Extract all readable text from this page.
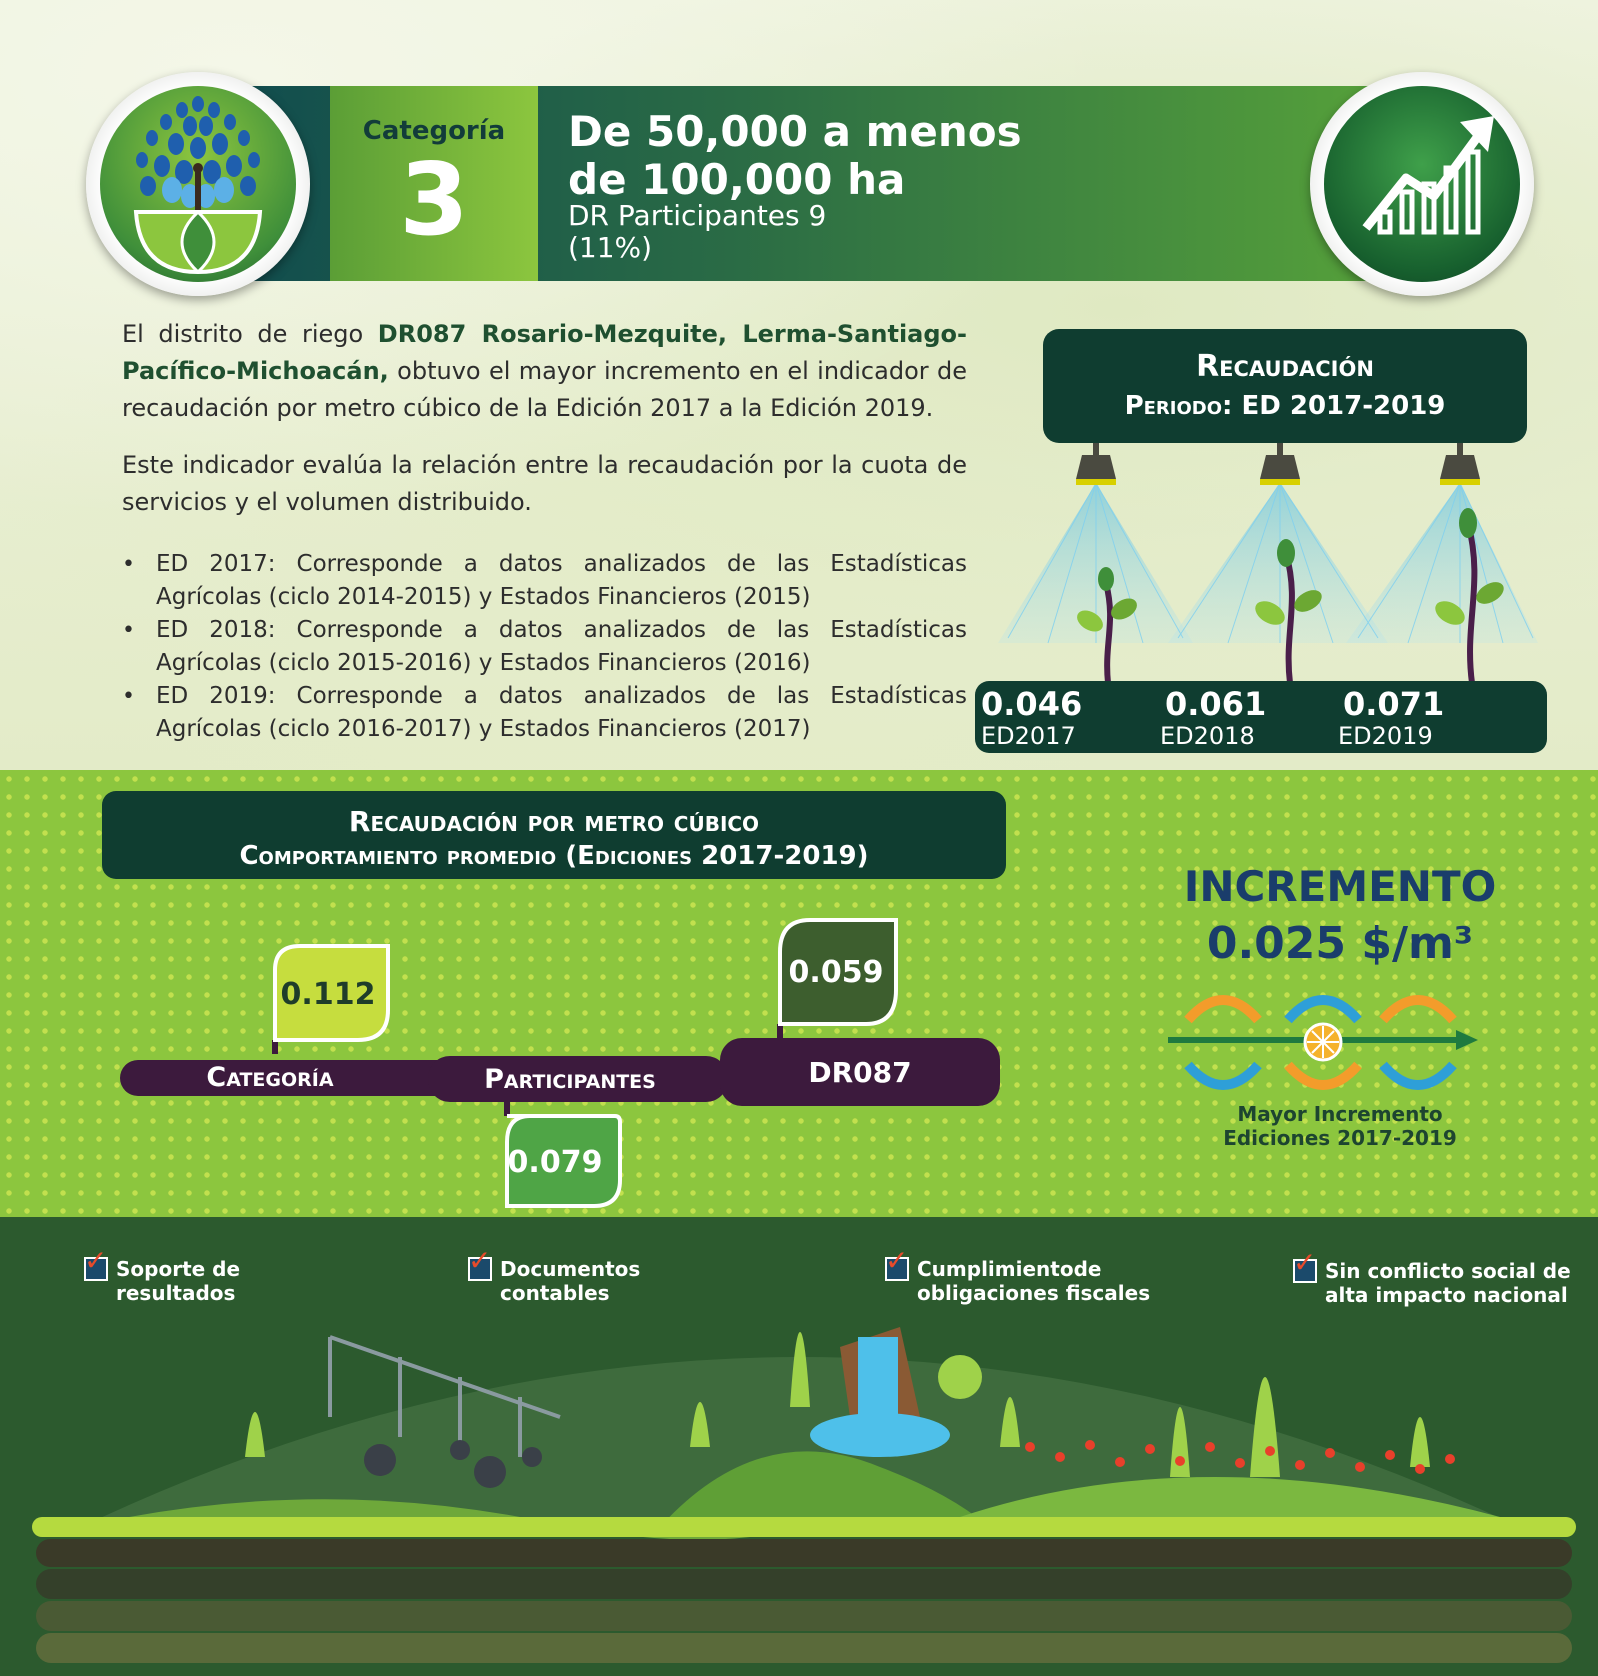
Categoría
3
De 50,000 a menos
de 100,000 ha
DR Participantes 9
(11%)

El distrito de riego DR087 Rosario-Mezquite, Lerma-Santiago-Pacífico-Michoacán, obtuvo el mayor incremento en el indicador de recaudación por metro cúbico de la Edición 2017 a la Edición 2019.

Este indicador evalúa la relación entre la recaudación por la cuota de servicios y el volumen distribuido.

• ED 2017: Corresponde a datos analizados de las Estadísticas Agrícolas (ciclo 2014-2015) y Estados Financieros (2015)
• ED 2018: Corresponde a datos analizados de las Estadísticas Agrícolas (ciclo 2015-2016) y Estados Financieros (2016)
• ED 2019: Corresponde a datos analizados de las Estadísticas Agrícolas (ciclo 2016-2017) y Estados Financieros (2017)
Recaudación
Periodo: ED 2017-2019
0.046
ED2017
0.061
ED2018
0.071
ED2019
Recaudación por metro cúbico
Comportamiento promedio (Ediciones 2017-2019)
Categoría	Participantes	DR087
0.112
0.079
0.059
INCREMENTO
0.025 $/m³
Mayor Incremento
Ediciones 2017-2019
✓ Soporte de
resultados
✓ Documentos
contables
✓ Cumplimientode
obligaciones fiscales
✓ Sin conflicto social de
alta impacto nacional
